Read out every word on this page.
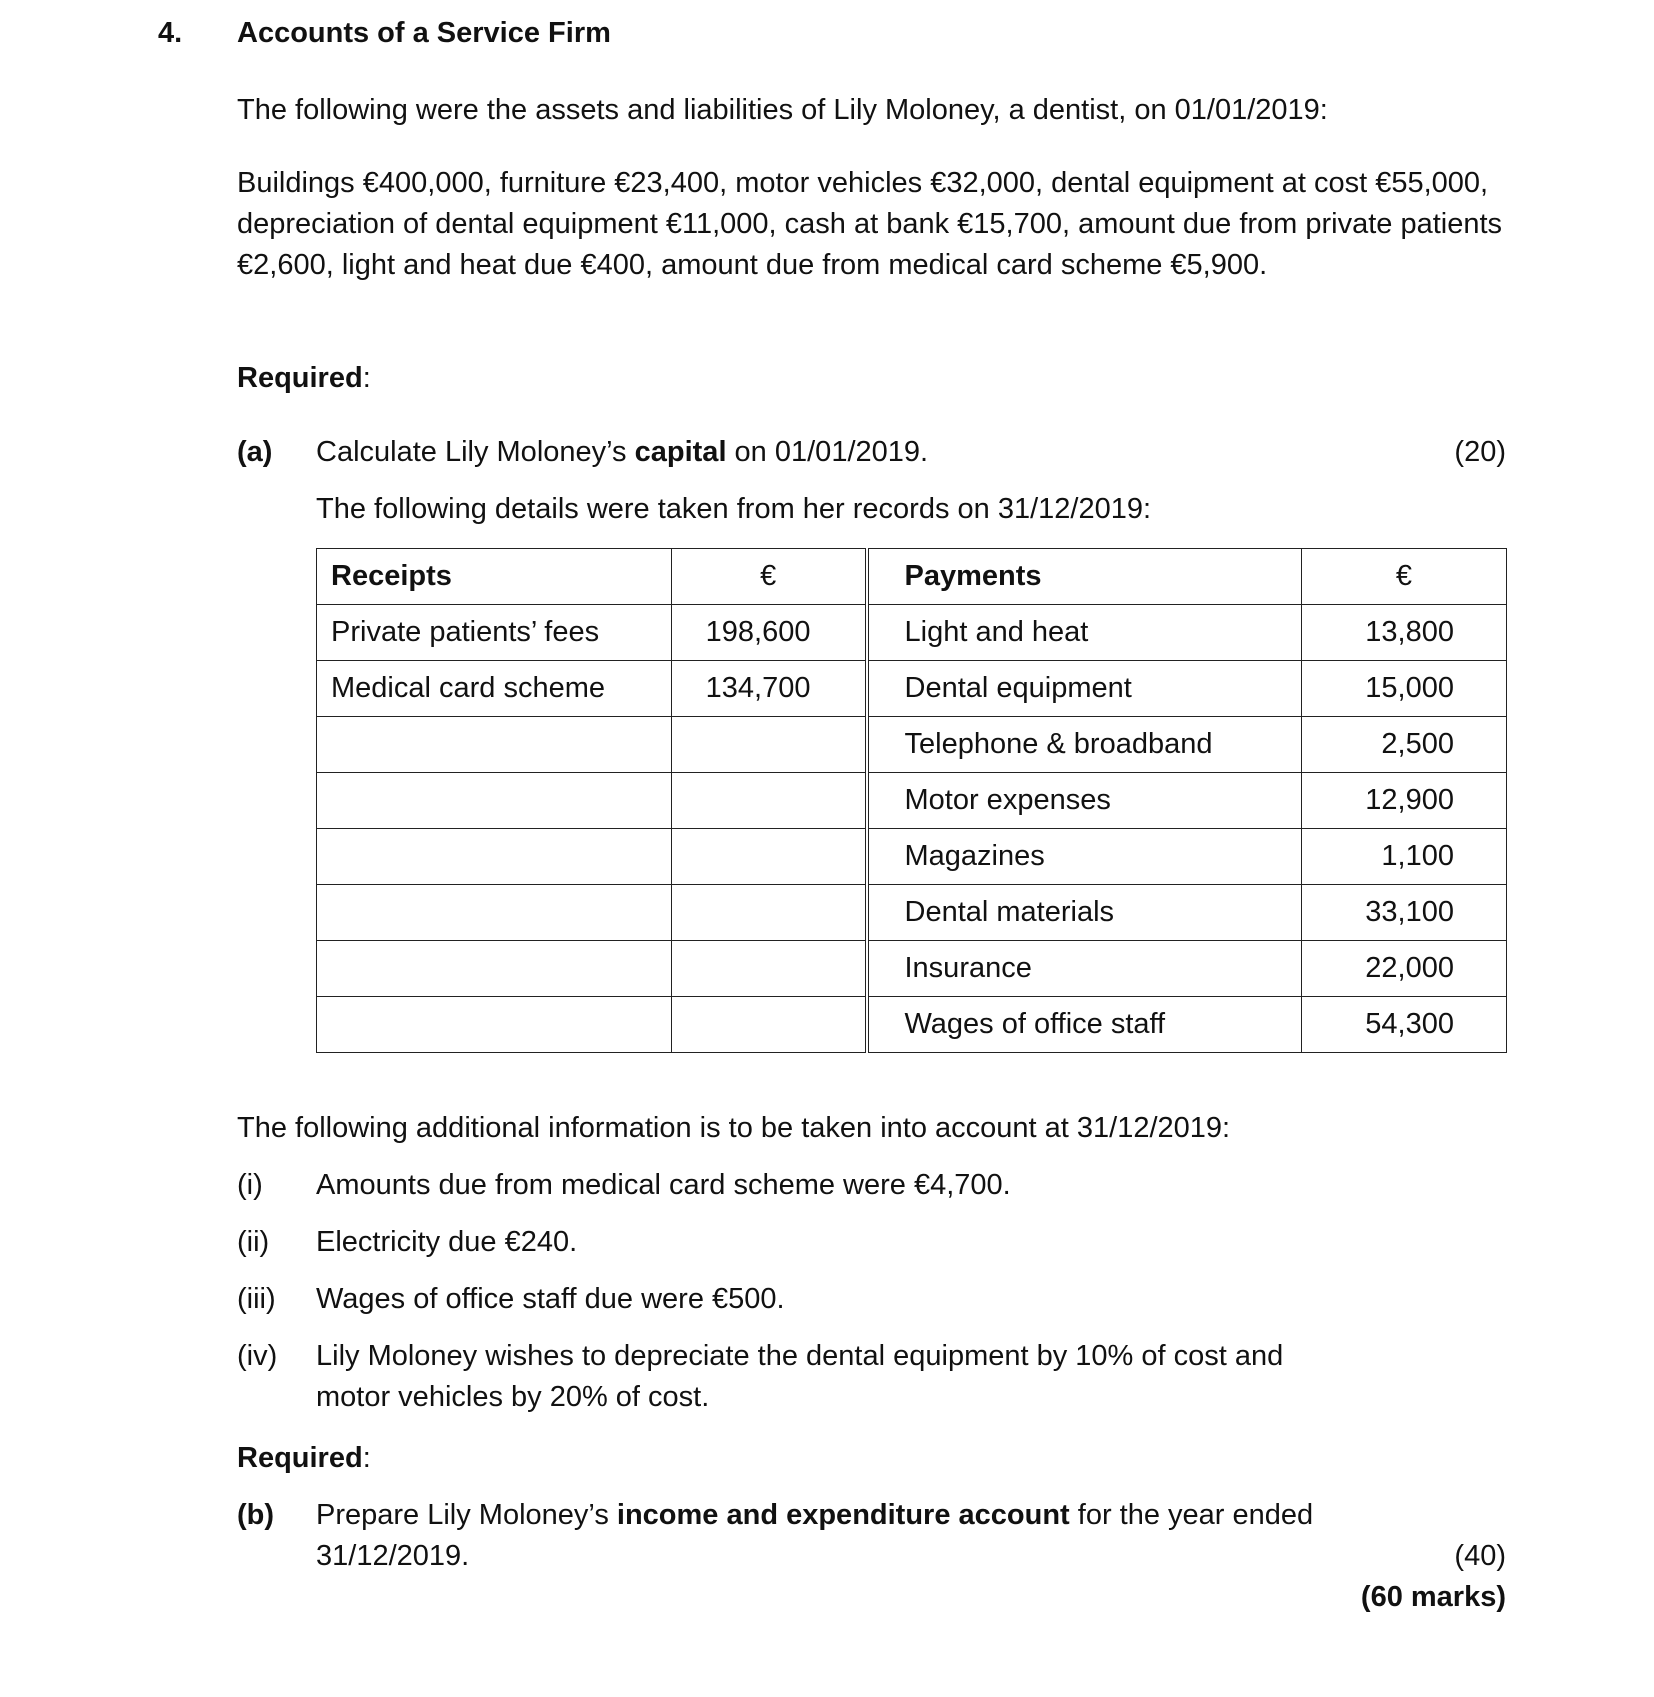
4. Accounts of a Service Firm
The following were the assets and liabilities of Lily Moloney, a dentist, on 01/01/2019:
Buildings €400,000, furniture €23,400, motor vehicles €32,000, dental equipment at cost €55,000, depreciation of dental equipment €11,000, cash at bank €15,700, amount due from private patients €2,600, light and heat due €400, amount due from medical card scheme €5,900.
Required:
(a) Calculate Lily Moloney’s capital on 01/01/2019.	(20)
The following details were taken from her records on 31/12/2019:
Receipts	€	Payments	€
Private patients’ fees	198,600	Light and heat	13,800
Medical card scheme	134,700	Dental equipment	15,000
		Telephone & broadband	2,500
		Motor expenses	12,900
		Magazines	1,100
		Dental materials	33,100
		Insurance	22,000
		Wages of office staff	54,300
The following additional information is to be taken into account at 31/12/2019:
(i) Amounts due from medical card scheme were €4,700.
(ii) Electricity due €240.
(iii) Wages of office staff due were €500.
(iv) Lily Moloney wishes to depreciate the dental equipment by 10% of cost and
motor vehicles by 20% of cost.
Required:
(b) Prepare Lily Moloney’s income and expenditure account for the year ended
31/12/2019.	(40)
(60 marks)
